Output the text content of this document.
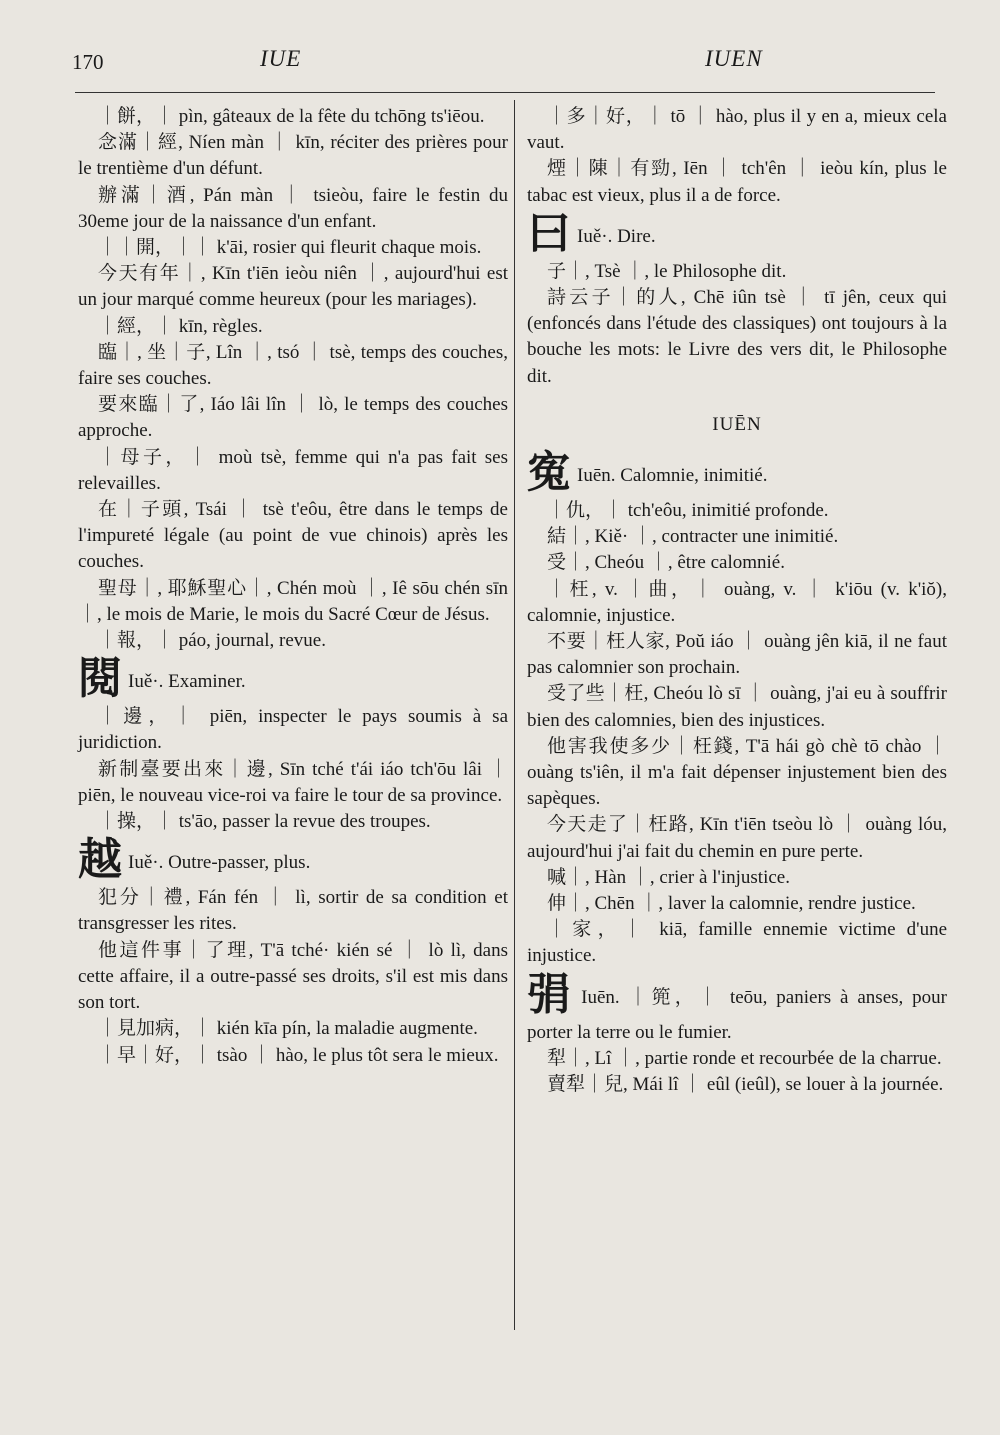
170	IUE	IUEN

｜餅，｜ pìn, gâteaux de la fête du tchōng ts'iēou.

念滿｜經, Níen màn ｜ kīn, réciter des prières pour le trentième d'un défunt.

辦滿｜酒, Pán màn ｜ tsieòu, faire le festin du 30eme jour de la naissance d'un enfant.

｜｜開，｜｜ k'āi, rosier qui fleurit chaque mois.

今天有年｜, Kīn t'iēn ieòu niên ｜, aujourd'hui est un jour marqué comme heureux (pour les mariages).

｜經，｜ kīn, règles.

臨｜, 坐｜子, Lîn ｜, tsó ｜ tsè, temps des couches, faire ses couches.

要來臨｜了, Iáo lâi lîn ｜ lò, le temps des couches approche.

｜母子，｜ moù tsè, femme qui n'a pas fait ses relevailles.

在｜子頭, Tsái ｜ tsè t'eôu, être dans le temps de l'impureté légale (au point de vue chinois) après les couches.

聖母｜, 耶穌聖心｜, Chén moù ｜, Iê sōu chén sīn ｜, le mois de Marie, le mois du Sacré Cœur de Jésus.

｜報，｜ páo, journal, revue.

閱 Iuě·. Examiner.

｜邊，｜ piēn, inspecter le pays soumis à sa juridiction.

新制臺要出來｜邊, Sīn tché t'ái iáo tch'ōu lâi ｜ piēn, le nouveau vice-roi va faire le tour de sa province.

｜操，｜ ts'āo, passer la revue des troupes.

越 Iuě·. Outre-passer, plus.

犯分｜禮, Fán fén ｜ lì, sortir de sa condition et transgresser les rites.

他這件事｜了理, T'ā tché· kién sé ｜ lò lì, dans cette affaire, il a outre-passé ses droits, s'il est mis dans son tort.

｜見加病，｜ kién kīa pín, la maladie augmente.

｜早｜好，｜ tsào ｜ hào, le plus tôt sera le mieux.

｜多｜好，｜ tō ｜ hào, plus il y en a, mieux cela vaut.

煙｜陳｜有勁, Iēn ｜ tch'ên ｜ ieòu kín, plus le tabac est vieux, plus il a de force.

曰 Iuě·. Dire.

子｜, Tsè ｜, le Philosophe dit.

詩云子｜的人, Chē iûn tsè ｜ tī jên, ceux qui (enfoncés dans l'étude des classiques) ont toujours à la bouche les mots: le Livre des vers dit, le Philosophe dit.

IUĒN

寃 Iuēn. Calomnie, inimitié.

｜仇，｜ tch'eôu, inimitié profonde.

結｜, Kiě· ｜, contracter une inimitié.

受｜, Cheóu ｜, être calomnié.

｜枉, v. ｜曲，｜ ouàng, v. ｜ k'iōu (v. k'iŏ), calomnie, injustice.

不要｜枉人家, Poŭ iáo ｜ ouàng jên kiā, il ne faut pas calomnier son prochain.

受了些｜枉, Cheóu lò sī ｜ ouàng, j'ai eu à souffrir bien des calomnies, bien des injustices.

他害我使多少｜枉錢, T'ā hái gò chè tō chào ｜ ouàng ts'iên, il m'a fait dépenser injustement bien des sapèques.

今天走了｜枉路, Kīn t'iēn tseòu lò ｜ ouàng lóu, aujourd'hui j'ai fait du chemin en pure perte.

喊｜, Hàn ｜, crier à l'injustice.

伸｜, Chēn ｜, laver la calomnie, rendre justice.

｜家，｜ kiā, famille ennemie victime d'une injustice.

弲 Iuēn. ｜篼，｜ teōu, paniers à anses, pour porter la terre ou le fumier.

犁｜, Lî ｜, partie ronde et recourbée de la charrue.

賣犁｜兒, Mái lî ｜ eûl (ieûl), se louer à la journée.
